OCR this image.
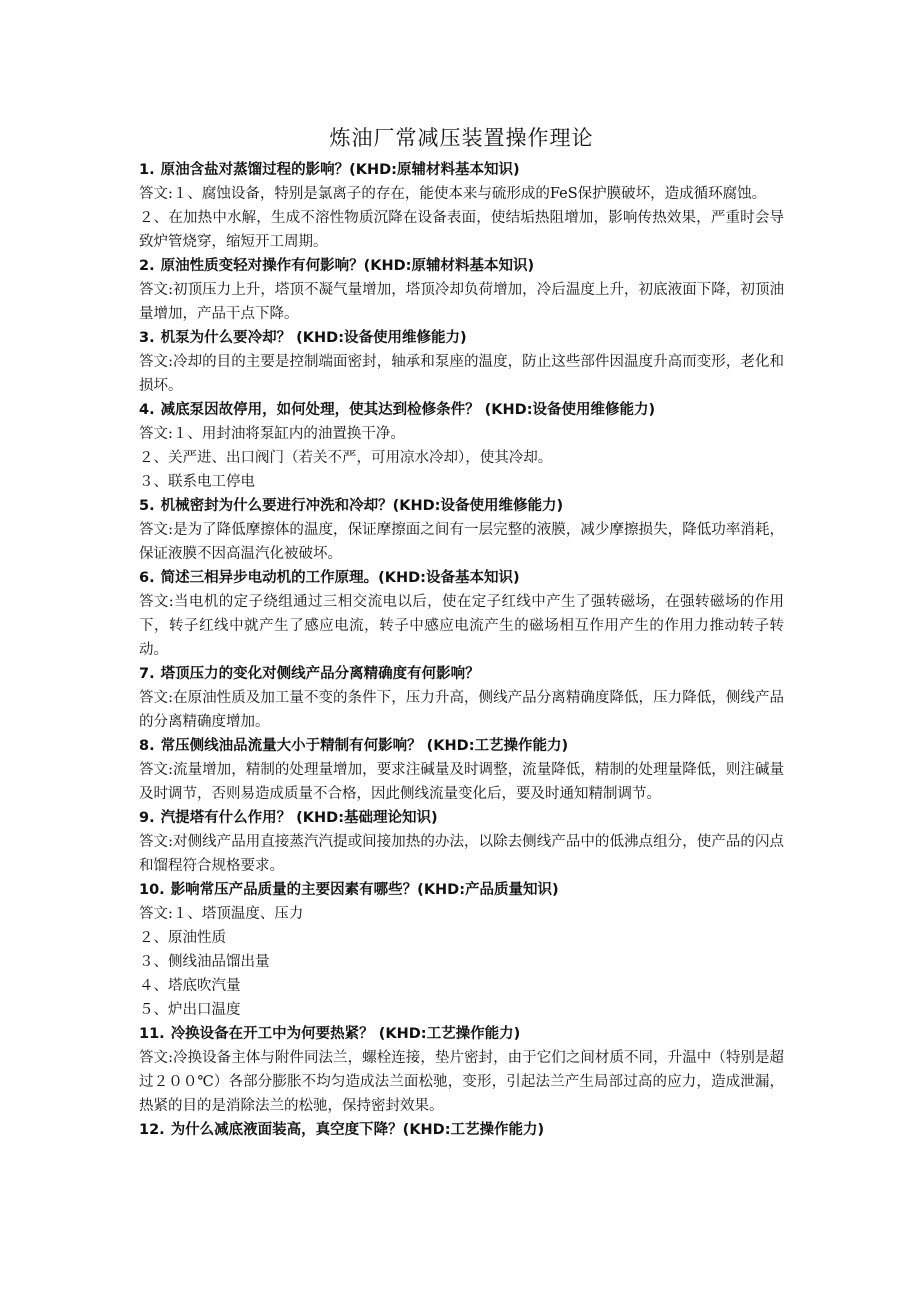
炼油厂常减压装置操作理论

1. 原油含盐对蒸馏过程的影响？(KHD:原辅材料基本知识)

答文:１、腐蚀设备，特别是氯离子的存在，能使本来与硫形成的FeS保护膜破坏，造成循环腐蚀。

２、在加热中水解，生成不溶性物质沉降在设备表面，使结垢热阻增加，影响传热效果，严重时会导致炉管烧穿，缩短开工周期。

2. 原油性质变轻对操作有何影响？(KHD:原辅材料基本知识)

答文:初顶压力上升，塔顶不凝气量增加，塔顶冷却负荷增加，冷后温度上升，初底液面下降，初顶油量增加，产品干点下降。

3. 机泵为什么要冷却？ (KHD:设备使用维修能力)

答文:冷却的目的主要是控制端面密封，轴承和泵座的温度，防止这些部件因温度升高而变形，老化和损坏。

4. 减底泵因故停用，如何处理，使其达到检修条件？ (KHD:设备使用维修能力)

答文:１、用封油将泵缸内的油置换干净。

２、关严进、出口阀门（若关不严，可用凉水冷却），使其冷却。

３、联系电工停电

5. 机械密封为什么要进行冲洗和冷却？(KHD:设备使用维修能力)

答文:是为了降低摩擦体的温度，保证摩擦面之间有一层完整的液膜，减少摩擦损失，降低功率消耗，保证液膜不因高温汽化被破坏。

6. 简述三相异步电动机的工作原理。(KHD:设备基本知识)

答文:当电机的定子绕组通过三相交流电以后，使在定子红线中产生了强转磁场，在强转磁场的作用下，转子红线中就产生了感应电流，转子中感应电流产生的磁场相互作用产生的作用力推动转子转动。

7. 塔顶压力的变化对侧线产品分离精确度有何影响？

答文:在原油性质及加工量不变的条件下，压力升高，侧线产品分离精确度降低，压力降低，侧线产品的分离精确度增加。

8. 常压侧线油品流量大小于精制有何影响？ (KHD:工艺操作能力)

答文:流量增加，精制的处理量增加，要求注碱量及时调整，流量降低，精制的处理量降低，则注碱量及时调节，否则易造成质量不合格，因此侧线流量变化后，要及时通知精制调节。

9. 汽提塔有什么作用？ (KHD:基础理论知识)

答文:对侧线产品用直接蒸汽汽提或间接加热的办法，以除去侧线产品中的低沸点组分，使产品的闪点和馏程符合规格要求。

10. 影响常压产品质量的主要因素有哪些？(KHD:产品质量知识)

答文:１、塔顶温度、压力

２、原油性质

３、侧线油品馏出量

４、塔底吹汽量

５、炉出口温度

11. 冷换设备在开工中为何要热紧？ (KHD:工艺操作能力)

答文:冷换设备主体与附件同法兰，螺栓连接，垫片密封，由于它们之间材质不同，升温中（特别是超过２００℃）各部分膨胀不均匀造成法兰面松驰，变形，引起法兰产生局部过高的应力，造成泄漏，热紧的目的是消除法兰的松驰，保持密封效果。

12. 为什么减底液面装高，真空度下降？(KHD:工艺操作能力)
